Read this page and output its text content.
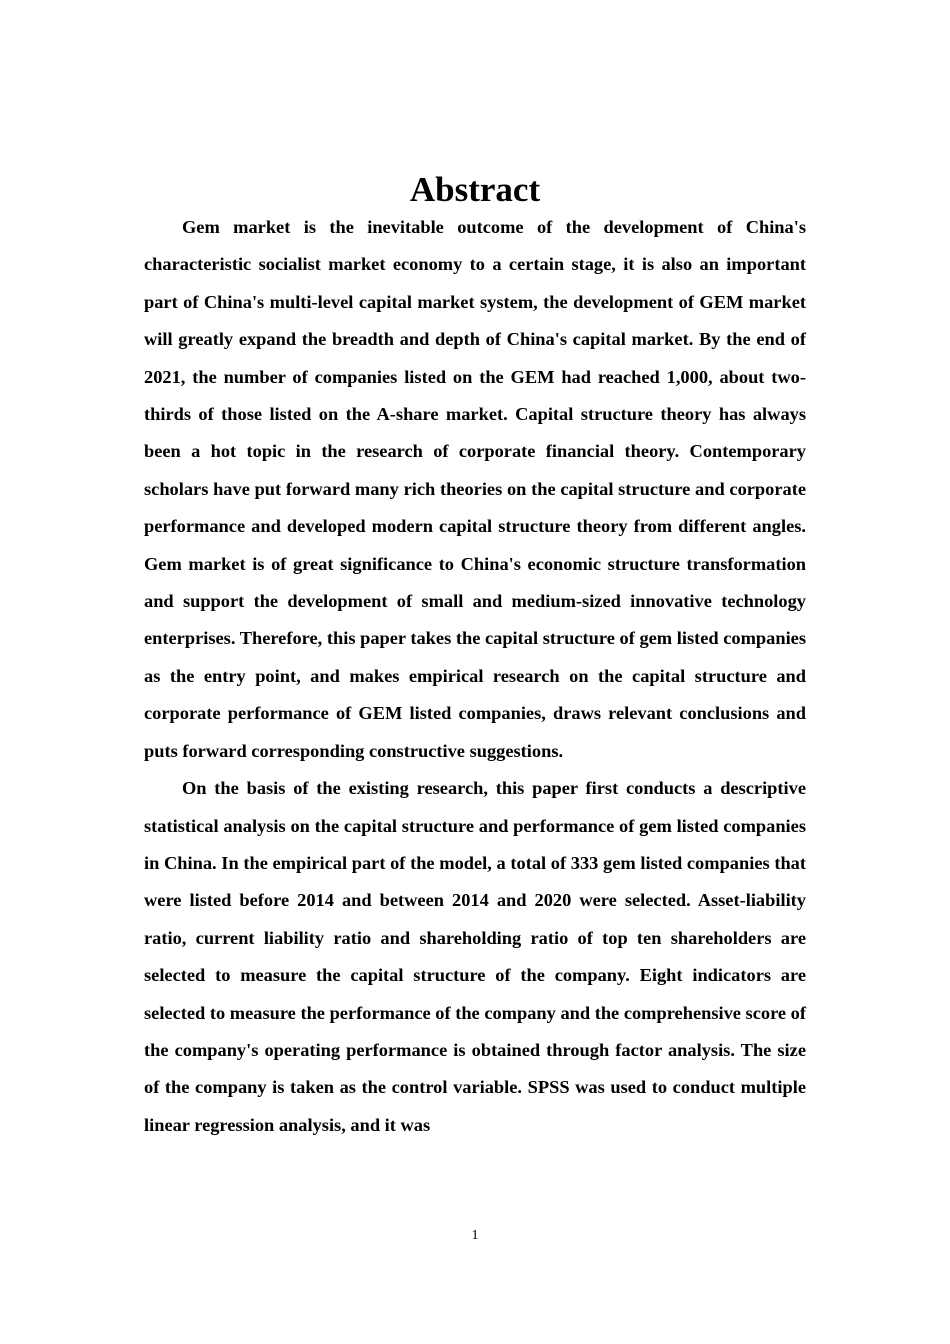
Abstract

Gem market is the inevitable outcome of the development of China's characteristic socialist market economy to a certain stage, it is also an important part of China's multi-level capital market system, the development of GEM market will greatly expand the breadth and depth of China's capital market. By the end of 2021, the number of companies listed on the GEM had reached 1,000, about two-thirds of those listed on the A-share market. Capital structure theory has always been a hot topic in the research of corporate financial theory. Contemporary scholars have put forward many rich theories on the capital structure and corporate performance and developed modern capital structure theory from different angles. Gem market is of great significance to China's economic structure transformation and support the development of small and medium-sized innovative technology enterprises. Therefore, this paper takes the capital structure of gem listed companies as the entry point, and makes empirical research on the capital structure and corporate performance of GEM listed companies, draws relevant conclusions and puts forward corresponding constructive suggestions.

On the basis of the existing research, this paper first conducts a descriptive statistical analysis on the capital structure and performance of gem listed companies in China. In the empirical part of the model, a total of 333 gem listed companies that were listed before 2014 and between 2014 and 2020 were selected. Asset-liability ratio, current liability ratio and shareholding ratio of top ten shareholders are selected to measure the capital structure of the company. Eight indicators are selected to measure the performance of the company and the comprehensive score of the company's operating performance is obtained through factor analysis. The size of the company is taken as the control variable. SPSS was used to conduct multiple linear regression analysis, and it was

1
